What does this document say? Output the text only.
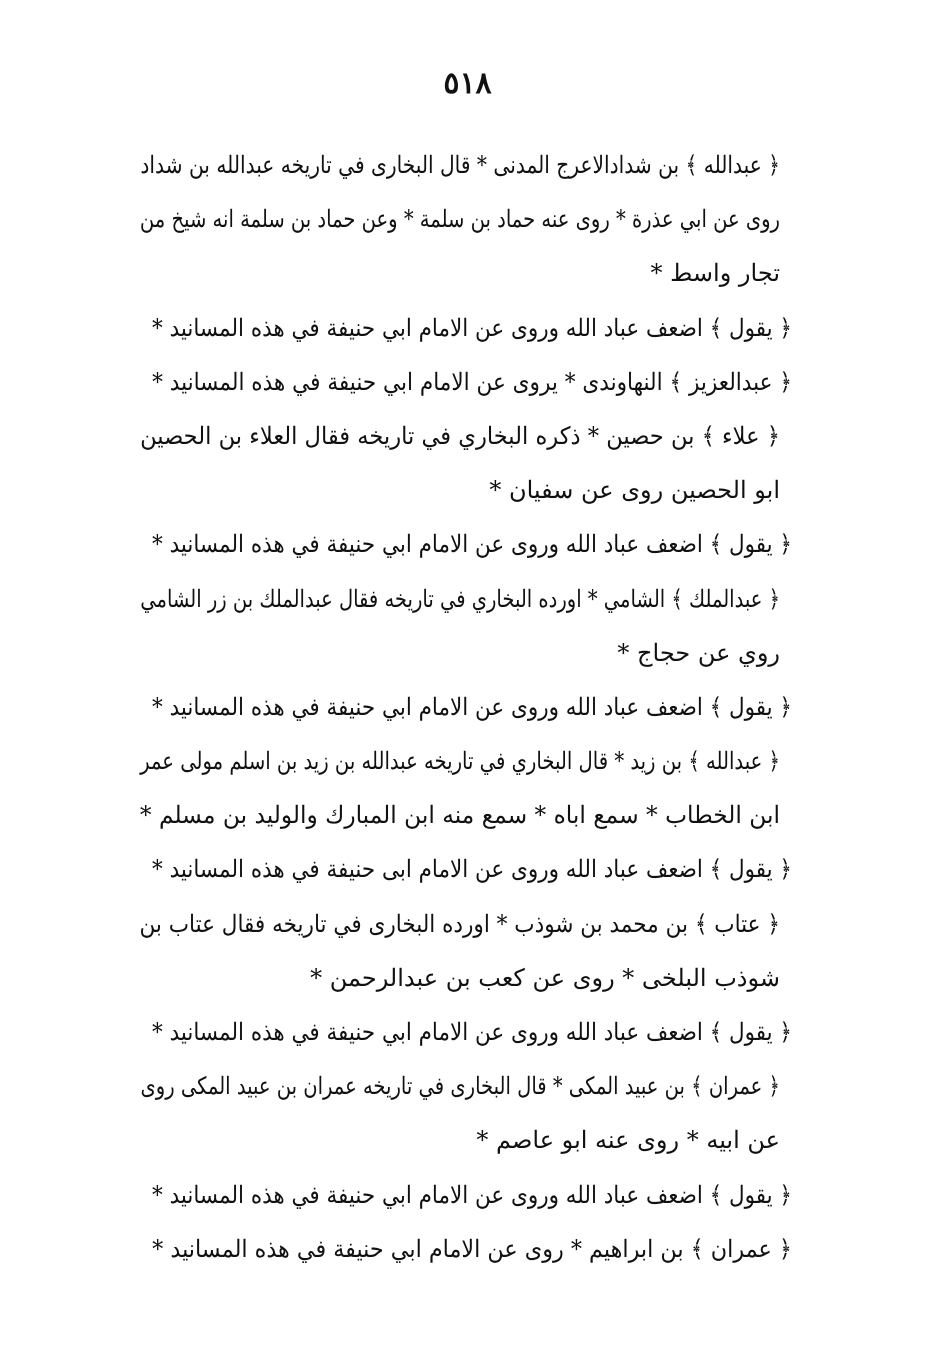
٥١٨
﴿ عبدالله ﴾ بن شدادالاعرج المدنى * قال البخارى في تاريخه عبدالله بن شداد
روى عن ابي عذرة * روى عنه حماد بن سلمة * وعن حماد بن سلمة انه شيخ من
تجار واسط *
﴿ يقول ﴾ اضعف عباد الله وروى عن الامام ابي حنيفة في هذه المسانيد *
﴿ عبدالعزيز ﴾ النهاوندى * يروى عن الامام ابي حنيفة في هذه المسانيد *
﴿ علاء ﴾ بن حصين * ذكره البخاري في تاريخه فقال العلاء بن الحصين
ابو الحصين روى عن سفيان *
﴿ يقول ﴾ اضعف عباد الله وروى عن الامام ابي حنيفة في هذه المسانيد *
﴿ عبدالملك ﴾ الشامي * اورده البخاري في تاريخه فقال عبدالملك بن زر الشامي
روي عن حجاج *
﴿ يقول ﴾ اضعف عباد الله وروى عن الامام ابي حنيفة في هذه المسانيد *
﴿ عبدالله ﴾ بن زيد * قال البخاري في تاريخه عبدالله بن زيد بن اسلم مولى عمر
ابن الخطاب * سمع اباه * سمع منه ابن المبارك والوليد بن مسلم *
﴿ يقول ﴾ اضعف عباد الله وروى عن الامام ابى حنيفة في هذه المسانيد *
﴿ عتاب ﴾ بن محمد بن شوذب * اورده البخارى في تاريخه فقال عتاب بن
شوذب البلخى * روى عن كعب بن عبدالرحمن *
﴿ يقول ﴾ اضعف عباد الله وروى عن الامام ابي حنيفة في هذه المسانيد *
﴿ عمران ﴾ بن عبيد المكى * قال البخارى في تاريخه عمران بن عبيد المكى روى
عن ابيه * روى عنه ابو عاصم *
﴿ يقول ﴾ اضعف عباد الله وروى عن الامام ابي حنيفة في هذه المسانيد *
﴿ عمران ﴾ بن ابراهيم * روى عن الامام ابي حنيفة في هذه المسانيد *
